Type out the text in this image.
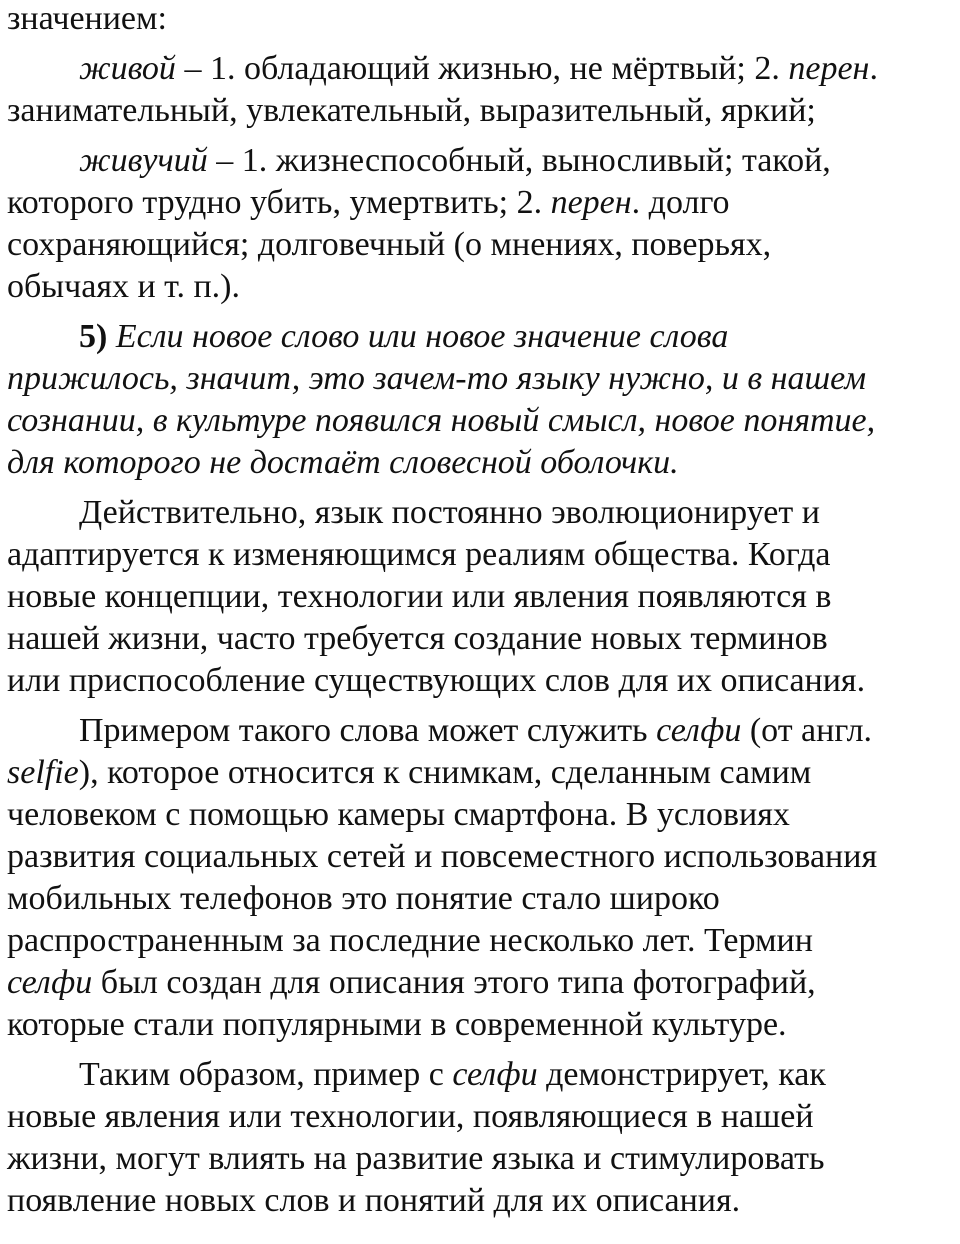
значением:

живой – 1. обладающий жизнью, не мёртвый; 2. перен.
занимательный, увлекательный, выразительный, яркий;

живучий – 1. жизнеспособный, выносливый; такой,
которого трудно убить, умертвить; 2. перен. долго
сохраняющийся; долговечный (о мнениях, поверьях,
обычаях и т. п.).

5) Если новое слово или новое значение слова
прижилось, значит, это зачем-то языку нужно, и в нашем
сознании, в культуре появился новый смысл, новое понятие,
для которого не достаёт словесной оболочки.

Действительно, язык постоянно эволюционирует и
адаптируется к изменяющимся реалиям общества. Когда
новые концепции, технологии или явления появляются в
нашей жизни, часто требуется создание новых терминов
или приспособление существующих слов для их описания.

Примером такого слова может служить селфи (от англ.
selfie), которое относится к снимкам, сделанным самим
человеком с помощью камеры смартфона. В условиях
развития социальных сетей и повсеместного использования
мобильных телефонов это понятие стало широко
распространенным за последние несколько лет. Термин
селфи был создан для описания этого типа фотографий,
которые стали популярными в современной культуре.

Таким образом, пример с селфи демонстрирует, как
новые явления или технологии, появляющиеся в нашей
жизни, могут влиять на развитие языка и стимулировать
появление новых слов и понятий для их описания.
